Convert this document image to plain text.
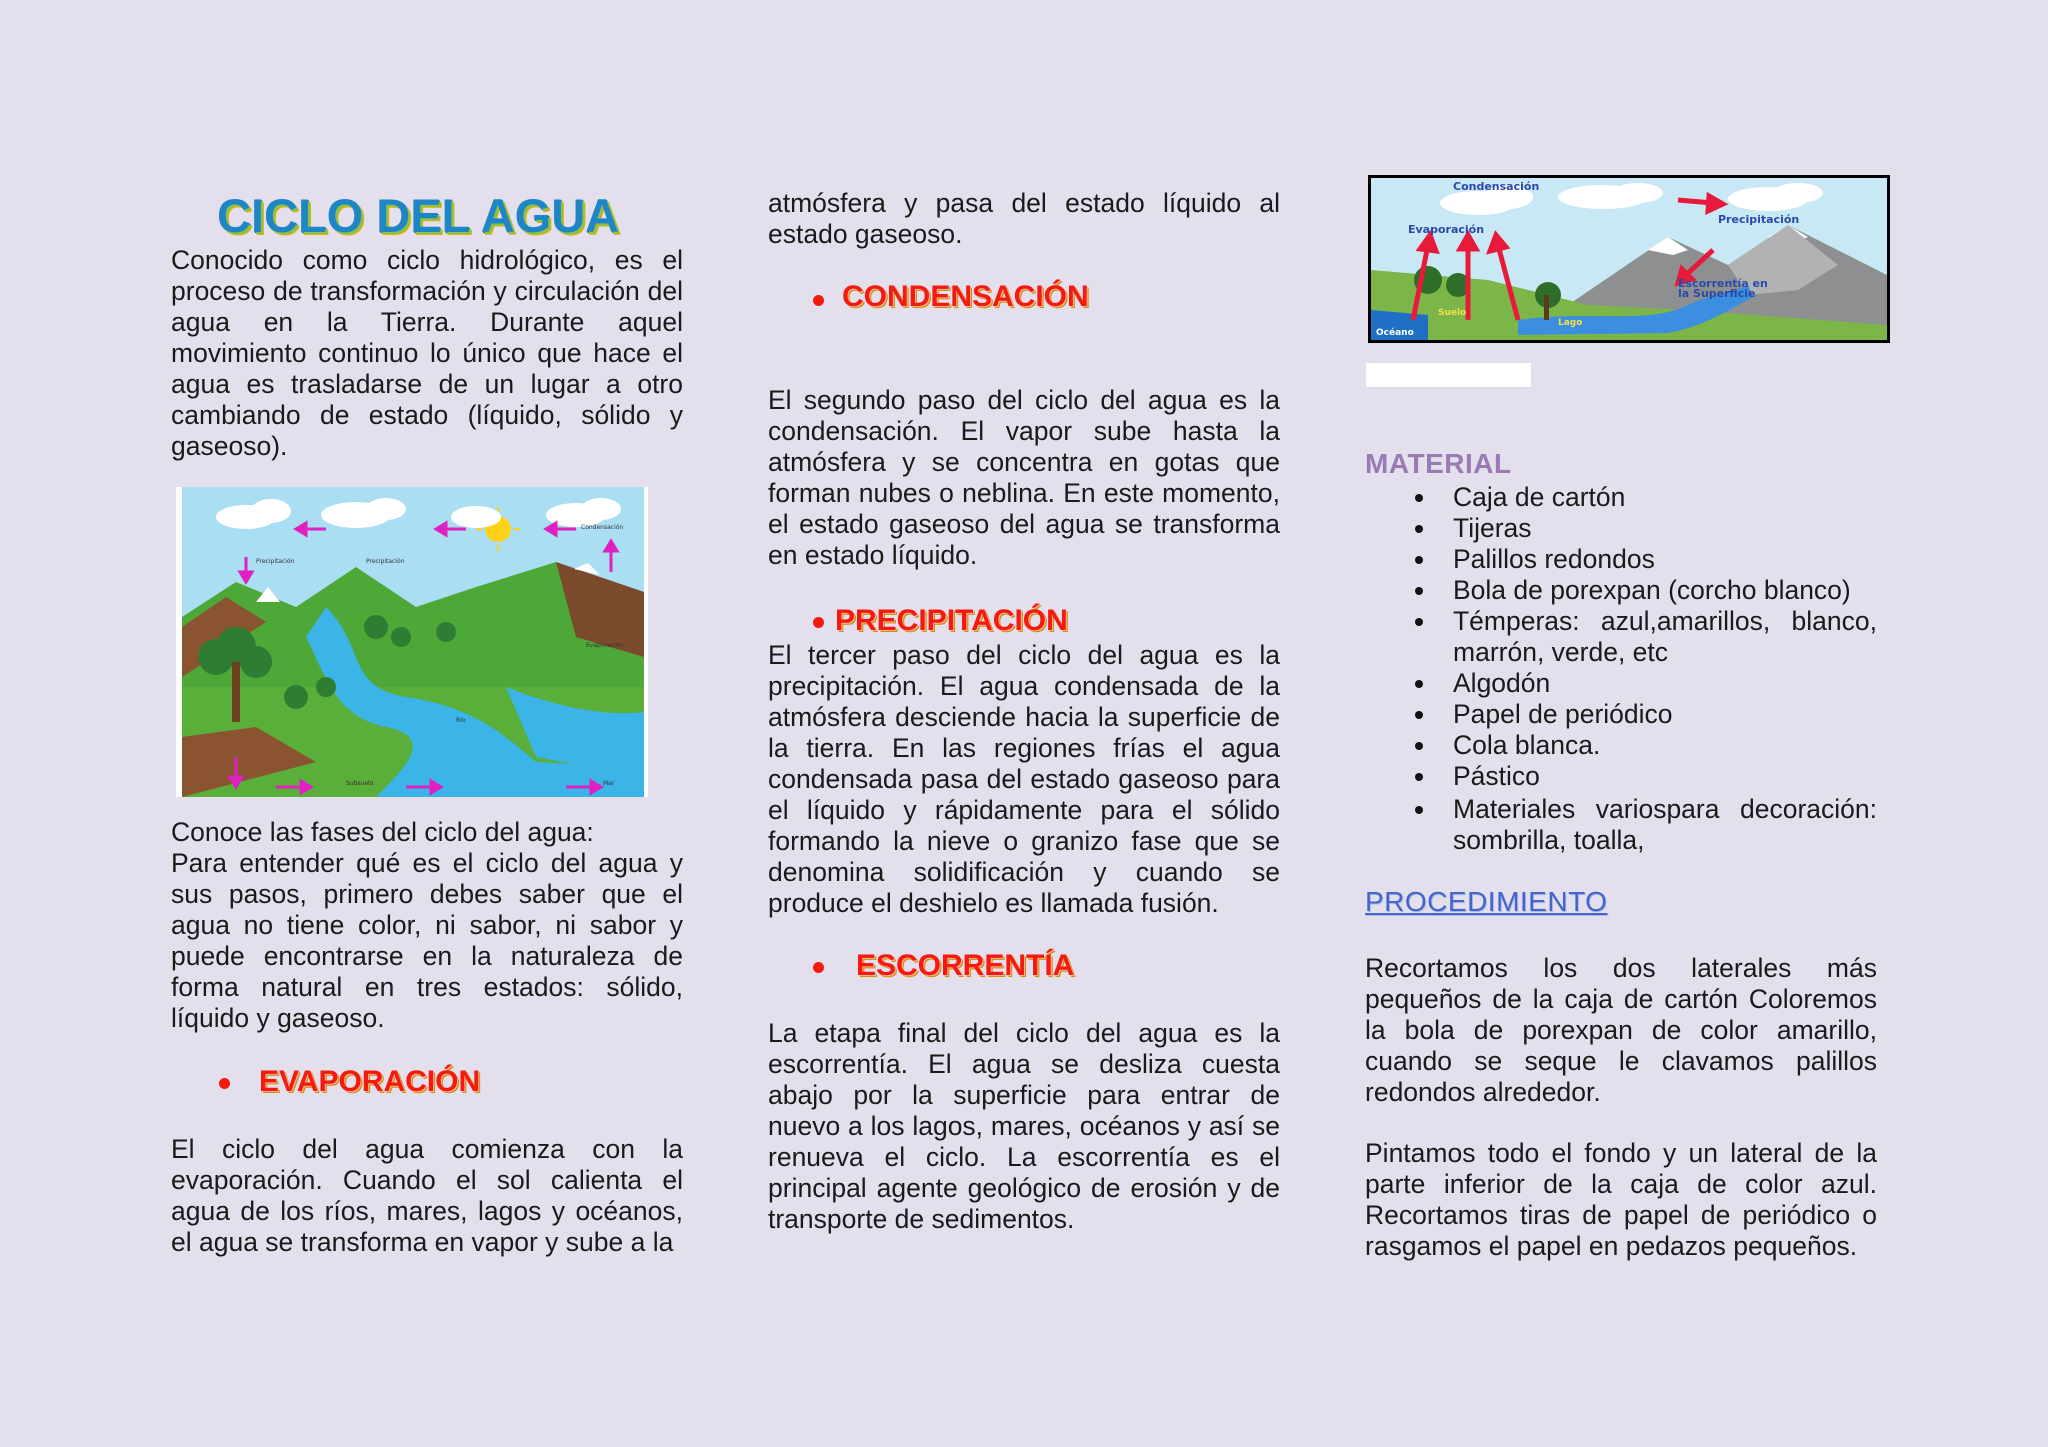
CICLO DEL AGUA

Conocido como ciclo hidrológico, es el proceso de transformación y circulación del agua en la Tierra. Durante aquel movimiento continuo lo único que hace el agua es trasladarse de un lugar a otro cambiando de estado (líquido, sólido y gaseoso).

Condensación
Precipitación	Precipitación
Evaporación
Río
Subsuelo	Mar

Conoce las fases del ciclo del agua:

Para entender qué es el ciclo del agua y sus pasos, primero debes saber que el agua no tiene color, ni sabor, ni sabor y puede encontrarse en la naturaleza de forma natural en tres estados: sólido, líquido y gaseoso.

EVAPORACIÓN

El ciclo del agua comienza con la evaporación. Cuando el sol calienta el agua de los ríos, mares, lagos y océanos, el agua se transforma en vapor y sube a la

atmósfera y pasa del estado líquido al estado gaseoso.

CONDENSACIÓN

El segundo paso del ciclo del agua es la condensación. El vapor sube hasta la atmósfera y se concentra en gotas que forman nubes o neblina. En este momento, el estado gaseoso del agua se transforma en estado líquido.

PRECIPITACIÓN

El tercer paso del ciclo del agua es la precipitación. El agua condensada de la atmósfera desciende hacia la superficie de la tierra. En las regiones frías el agua condensada pasa del estado gaseoso para el líquido y rápidamente para el sólido formando la nieve o granizo fase que se denomina solidificación y cuando se produce el deshielo es llamada fusión.

ESCORRENTÍA

La etapa final del ciclo del agua es la escorrentía. El agua se desliza cuesta abajo por la superficie para entrar de nuevo a los lagos, mares, océanos y así se renueva el ciclo. La escorrentía es el principal agente geológico de erosión y de transporte de sedimentos.

Condensación
Precipitación
Evaporación
Escorrentía en
la Superficie
Suelo
Lago
Océano
MATERIAL
Caja de cartón
Tijeras
Palillos redondos
Bola de porexpan (corcho blanco)
Témperas: azul,amarillos, blanco, marrón, verde, etc
Algodón
Papel de periódico
Cola blanca.
Pástico
Materiales variospara decoración: sombrilla, toalla,
PROCEDIMIENTO

Recortamos los dos laterales más pequeños de la caja de cartón Coloremos la bola de porexpan de color amarillo, cuando se seque le clavamos palillos redondos alrededor.

Pintamos todo el fondo y un lateral de la parte inferior de la caja de color azul. Recortamos tiras de papel de periódico o rasgamos el papel en pedazos pequeños.
